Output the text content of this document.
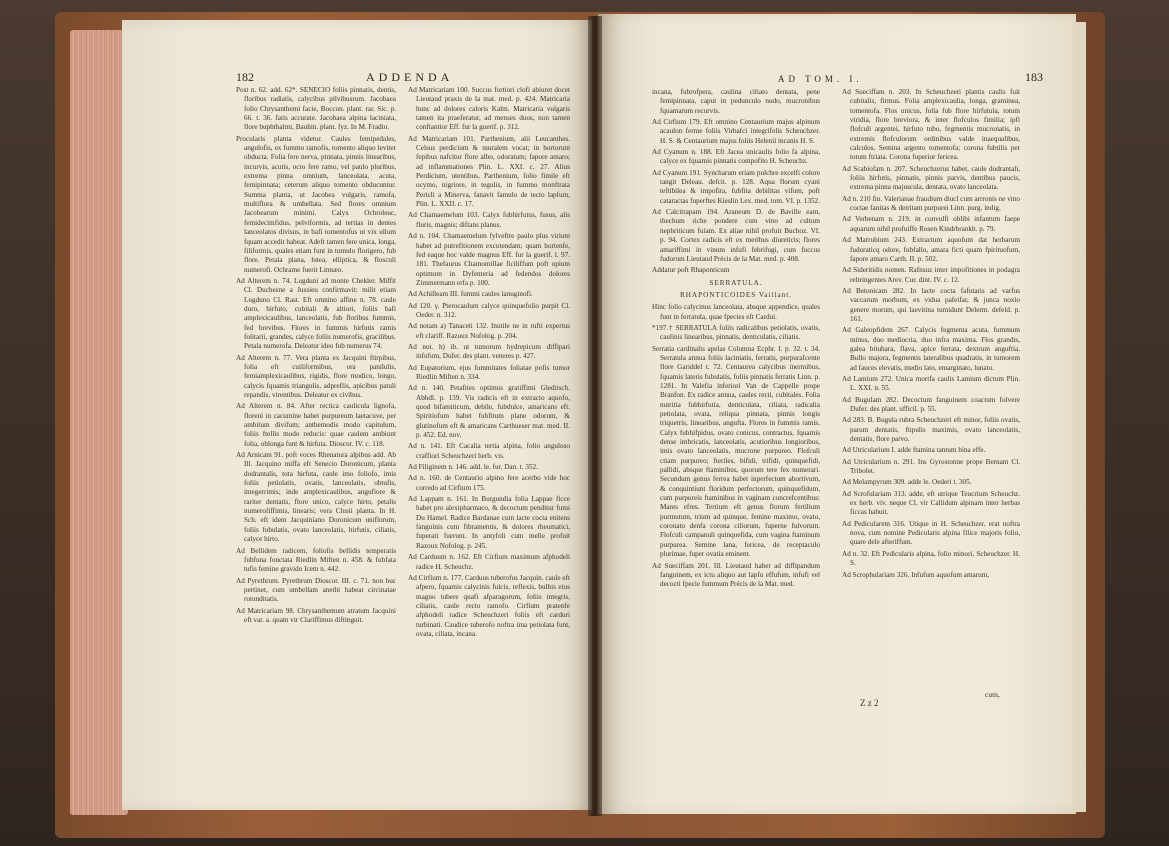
182	ADDENDA	AD TOM. I.	183

Post n. 62. add. 62*. SENECIO foliis pinnatis, dentis, floribus radiatis, calycibus pilvibusrum. Jacobaea folio Chrysanthemi facie, Boccon. plant. rar. Sic. p. 66. t. 36. fatis accurate. Jacobaea alpina laciniata, flore buphthalmi, Bauhin. plant. fyz. In M. Fradio.

Procularis planta videtur. Caules femipedales, angulofis, ex fummo ramofis, tomento aliquo leviter obducta. Folia fere nerva, pinnata, pinnis linearibus, incurvis, acutis, ocro fere ramo, vel paulo pluribus, extrema pinna omnium, lanceolata, acuta, femipinnata; ceterum aliquo tomento obducuntur. Summa planta, ut Jacobea vulgaris, ramofa, multiflora & umbellata. Sed flores omnium Jacobearum minimi. Calyx Ochroleuc, femidecimfidus, pelviformis, ad tertias in dentes lanceolatos divisus, in bafi tomentofus ut vix ullum fquam accedit habeat. Adeft tamen fere unica, longa, filiformis, quales etiam funt in tumulo florigero, fub flore. Petala plana, lutea, elliptica, & flosculi numerofi. Ochrame fuerit Linnæo.

Ad Alterem n. 74. Lugduni ad monte Chekler. Miffit Cl. Duchesne a Jussieu confirmavit: milit etiam Lugduno Cl. Rast. Eft omnino affine n. 78. caule duro, hirfuto, cubitali & altiori, foliis bafi amplexicaulibus, lanceolatis, fub floribus fummis, fed brevibus. Flores in fummis hirfutis ramis folitarii, grandes, calyce foliis numerofis, gracilibus. Petala numerofa. Deleatur ideo fub numerus 74.

Ad Alterem n. 77. Vera planta ex Jacquini ftirpibus, folia eft cuiliformibus, ora panilulis, femiamplexicaulibus, rigidis, flore modico, longo, calycis fquamis triangulis, adpreflis, apicibus patuli repandis, virentibus. Deleatur ex civibus.

Ad Alterem n. 84. After rectica caulicula lignofa, floreni in cacumine habet purpureum laetacuve, per ambitum divifum; anthemodis modo capitulum, foliis ftellis modo reducis: quae caulem ambiunt folia, oblonga funt & hirfuta. Dioscor. IV. c. 118.

Ad Arnicam 91. poft voces Rhenatura alpibus add. Ab Ill. Jacquino miffa eft Senecio Doronicum, planta dodrantalis, tota hirfuta, caule imo foliofo, imis foliis petiolatis, ovatis, lanceolatis, obtufis, integerrimis; inde amplexicaulibus, angufiore & rariter dentatis, flore unico, calyce hirto, petalis numerofiffimis, linearis; vera Clusii planta. In H. Sch. eft idem Jacquiniano Doronicum uniflorum, foliis fubulatis, ovato lanceolatis, hirfutis, ciliatis, calyce hirto.

Ad Bellidem radicem, foliofis bellidis temperatis fubfuna fonctata Riedlin Miften n. 458. & fubfata tufis femine gravido Icem n. 442.

Ad Pyrethrum. Pyrethrum Dioscor. III. c. 71. non huc pertinet, cum umbellam anethi habeat circinatae rotunditatis.

Ad Matricariam 98. Chrysanthemum atratum Jacquini eft var. a. quam vir Clariffimus diftinguit.

Ad Matricariam 100. Succus fortiori clofi abiuret docet Lieutaud praxis de la mat. med. p. 424. Matricaria hunc ad dolores caloris Kalm. Matricaria vulgaris tamen ita praeferatur, ad menses duos, non tamen conftantior Eff. fur la guerif. p. 312.

Ad Matricariam 101. Parthenium, alii Leucanthes. Celsus perdicium & muralem vocat; in hortorum fepibus nafcitur flore albo, odoratum; fapore amaro; ad inflammationes Plin. L. XXI. c. 27. Alius Perdicium, utentibus, Parthenium, folio fimile eft ocymo, nigriore, in tegulis, in fummo monftrata Pericli a Minerva, fanavit famulo de tecto lapfum, Plin. L. XXII. c. 17.

Ad Chamaemelum 103. Calyx fubhirfutus, fusus, alis fluris, magnis; diftans planus.

Ad n. 104. Chamaemelum fylveftre paulo plus virium habet ad putrefitionem excutendam; quam hortenfe, fed eaque hoc valde magnus Eff. fur la guerif. l. 97. 181. Thefaurus Chamomillae ficiliffum poft opium optimum in Dyfenteria ad fedendos dolores Zimmermann erfa p. 100.

Ad Achilleam III. fummi caules lanuginofi.

Ad 120. γ. Pterocaulum calyce quinquefolio purpit Cl. Oeder. n. 312.

Ad notam a) Tanaceti 132. Inutile ne in rufti expertus eft clariff. Razoux Nofolog. p. 204.

Ad not. h) ib. ut tumorum hydrepicum diffipari infufum, Dufer. des plant. veneres p. 427.

Ad Eupatorium, ejus fummitates foliatae pofis tumor Riedlin Miften n. 334.

Ad n. 140. Petafites optimus gratiffimi Gleditsch. Abhdl. p. 139. Vis radicis eft in extracto aquofo, quod bifamiticum, debile, fubdulce, amaricans eft. Spiritiofum habet fubfitum plane odorum, & glutinofum eft & amaricans Carthueser mat. med. II. p. 452. Ed. nov.

Ad n. 141. Eft Cacalia tertia alpina, folio anguloso craffiori Scheuchzeri herb. vis.

Ad Filiginem n. 146. add. le. fur. Dan. t. 352.

Ad n. 160. de Centaurio alpino fere acerbo vide hoc corredo ad Cirfium 175.

Ad Lappam n. 161. In Burgundia folia Lappae ficce habet pro alexipharmaco, & decoctum penditur fumi Du Hamel. Radice Bardanae cum lacte cocta enitens fanguinis cum fibramentis, & dolores rheumatici, fuperati fuerunt. In antyfoli cum melle profuit Razoux Nofolog. p. 245.

Ad Carduum n. 162. Eft Cirfium maximum afphodeli radice H. Scheuchz.

Ad Cirfium n. 177. Carduus tuberofus Jacquin. caule eft afpero, fquamis calycinis fulcis, reflexis, bulbis eius magno tubere quafi afparagorum, foliis integris, ciliatis, caule recto ramofo. Cirfium pratenfe afphodeli radice Scheuchzeri foliis eft carduri turbinati. Caudice tuberofo noftra ima petiolata funt, ovata, ciliata, incana.

incana, fubrofpera, caulina ciliato dentata, pene femipinnata, caput in pedunculo nudo, mucronibus fquamarum recurvis.

Ad Cirfium 179. Eft omnino Centaurium majus alpinum acaulon ferme foliis Virbafci integrifolis Scheuchzer. H. S. & Centaurium majus foliis Helenii incanis H. S.

Ad Cyanum n. 188. Eft Jacea unicaulis folio fa alpina, calyce ex fquamis pinnatis compofito H. Scheuchz.

Ad Cyanum 191. Syncharum eriam pulchre excelfi colore tangit Deleau. defcit. p. 128. Aqua florum cyani teftibilea & impofita, fubfita debilitas vifum, poft cataractas fuperftes Kieslin Lex. med. tom. VI. p. 1352.

Ad Calcitrapam 194. Araneum D. de Baville eam, thechum riche pondere cum vino ad cultum nephriticum fuiam. Ex aliae nihil profuit Buchoz. VI. p. 94. Cortex radicis eft ex meribus diureticis; flores amariffimi in vinum infufi febrifugi, cum fuccus fudorum Lieutaud Précis de la Mat. med. p. 408.

Addatur poft Rhaponticum

SERRATULA.

RHAPONTICOIDES Vaillant.

Hinc folio calycinus lanceolata, absque appendice, quales funt in ferratula, quae fpecies eft Cardui.

*197.† SERRATULA foliis radicalibus petiolatis, ovatis, caulinis linearibus, pinnatis, denticulatis, ciliatis.

Serratia cardinalis apelas Columna Ecphr. I. p. 32. t. 34. Serratula annua foliis laciniatis, ferratis, purpurafcente flore Gariddel t. 72. Centaurea calycibus inermibus, fquamis lateris fubulatis, foliis pinnatis ferratis Linn. p. 1281. In Valefia inferiori Van de Cappelle prope Branfon. Ex radice annua, caules recti, cubitales. Folia nutritia fubhirfutia, denticulata, ciliata, radicalia petiolata, ovata, reliqua pinnata, pinnis longis triquetris, linearibus, angufta. Flores in fummis ramis. Calyx fubhifpidus, ovato conicus, contractus, fquamis dense imbricatis, lanceolatis, acutioribus longioribus, imis ovato lanceolatis, mucrone purpureo. Flofculi ctiam purpureo; fteriles, bifidi, trifidi, quinquefidi, pallidi, absque ftaminibus, quorum tere fex numerari. Secundum genus ferrea habet inperfectum abortivum, & conquintiunt floridum perfectorum, quinquefidum, cum purpureis ftaminibus in vaginam concrefcentibus: Mares efres. Tertium eft genus florum fertilium purmutum, trium ad quinque, femine maximo, ovato, coronato denfa corona ciliorum, fuperne fulvorum. Flofculi campanuli quinquefida, cum vagina ftaminum purpurea. Semine lana, fericea, de receptaculo plurimae, fuper ovatia eminent.

Ad Sueciffam 201. Ill. Lieutaud habet ad diffipandum fanguinem, ex ictu aliquo aut lapfu effufum, infufi vel decocti fpecie fummum Précis de la Mat. med.

Ad Sueciffam n. 203. In Scheuchzeri plantis caulis fuit cubitalis, firmus. Folia amplexicaulia, longa, graminea, tomentofa. Flos unicus, folia fub flore hirfutula, totum viridia, flore breviora, & inter flofculos fimilia; ipfi flofculi argentei, hirfuto tubo, fegmentis mucronatis, in extremis flofculorum ordinibus valde inaequalibus, calculos. Semina argento tomentofa; corona fubtilis per totum ftriata. Corona fuperior fericea.

Ad Scabiofam n. 207. Scheuchzerus habet, caule dodrantali, foliis hirfutis, pinnatis, pinnis parvis, dentibus paucis, extrema pinna majuscula, dentata, ovato lanceolata.

Ad n. 210 fin. Valerianae fraudium diucl cum arrronis ne vino coctae fanitas & detritam purpurei Linn. purg. indig.

Ad Verbenam n. 219. in convulfi oblibi infantum faepe aquarum nihil profuiffe Rosen Kindrbrankh. p. 79.

Ad Marrubium 243. Extractum aquofum dat herbarum fudoraticq odore, fubfallo, amara ficti quam fpirituofum, fapore amaro Carth. II. p. 502.

Ad Sideritidis nomen. Rafnsuz inter impofitiones in podagra reltringentes Arev. Cur. dint. IV. c. 12.

Ad Betonicam 282. In lacte cocta fafutaris ad varfus vaccarum morbum, ex vidua pafeifar, & junca noxio genere morum, qui laevitina tumidunt Delerm. defeld. p. 161.

Ad Galeopfidem 267. Calycis fegmenta acuta, fummum minus, duo mediocria, duo infra maxima. Flos grandis, galea bituhara, flava, apice ferrata, dextrum anguftia. Bullo majora, fegmentis lateralibus quadratis, in tumorem ad fauces elevatis, medio lato, emarginato, lunato.

Ad Lamium 272. Unica mortfa caulis Lamium dictum Plin. L. XXI. n. 55.

Ad Bugulam 282. Decoctum fanguinem coactum folvere Dufer. des plant. ufficil. p. 55.

Ad 283. B. Bugula rubra Scheuchzeri eft minor, foliis ovatis, parum dentatis, ftipulis maximis, ovato lanceolatis, dentatis, flore parvo.

Ad Utricularium I. adde ftamina tantum bina effe.

Ad Utricularium n. 291. Ins Gyrostonne prope Bernam Cl. Tribolet.

Ad Melampyrum 309. adde le. Oederi t. 305.

Ad Scrofulariam 313. adde, eft utrique Teucrium Scheuchz. ex herb. viv. neque Cl. vir Callidum alpinam inter herbas ficcas habuit.

Ad Pedicularem 316. Utique in H. Scheuchzer. erat noftra nova, cum nomine Pedicularis alpina filice majoris folio, quare dele afteriffum.

Ad n. 32. Eft Pedicularis alpina, folio minori, Scheuchzer. H. S.

Ad Scrophulariam 326. Infufum aquofum amarum,

Z z 2
cum,
